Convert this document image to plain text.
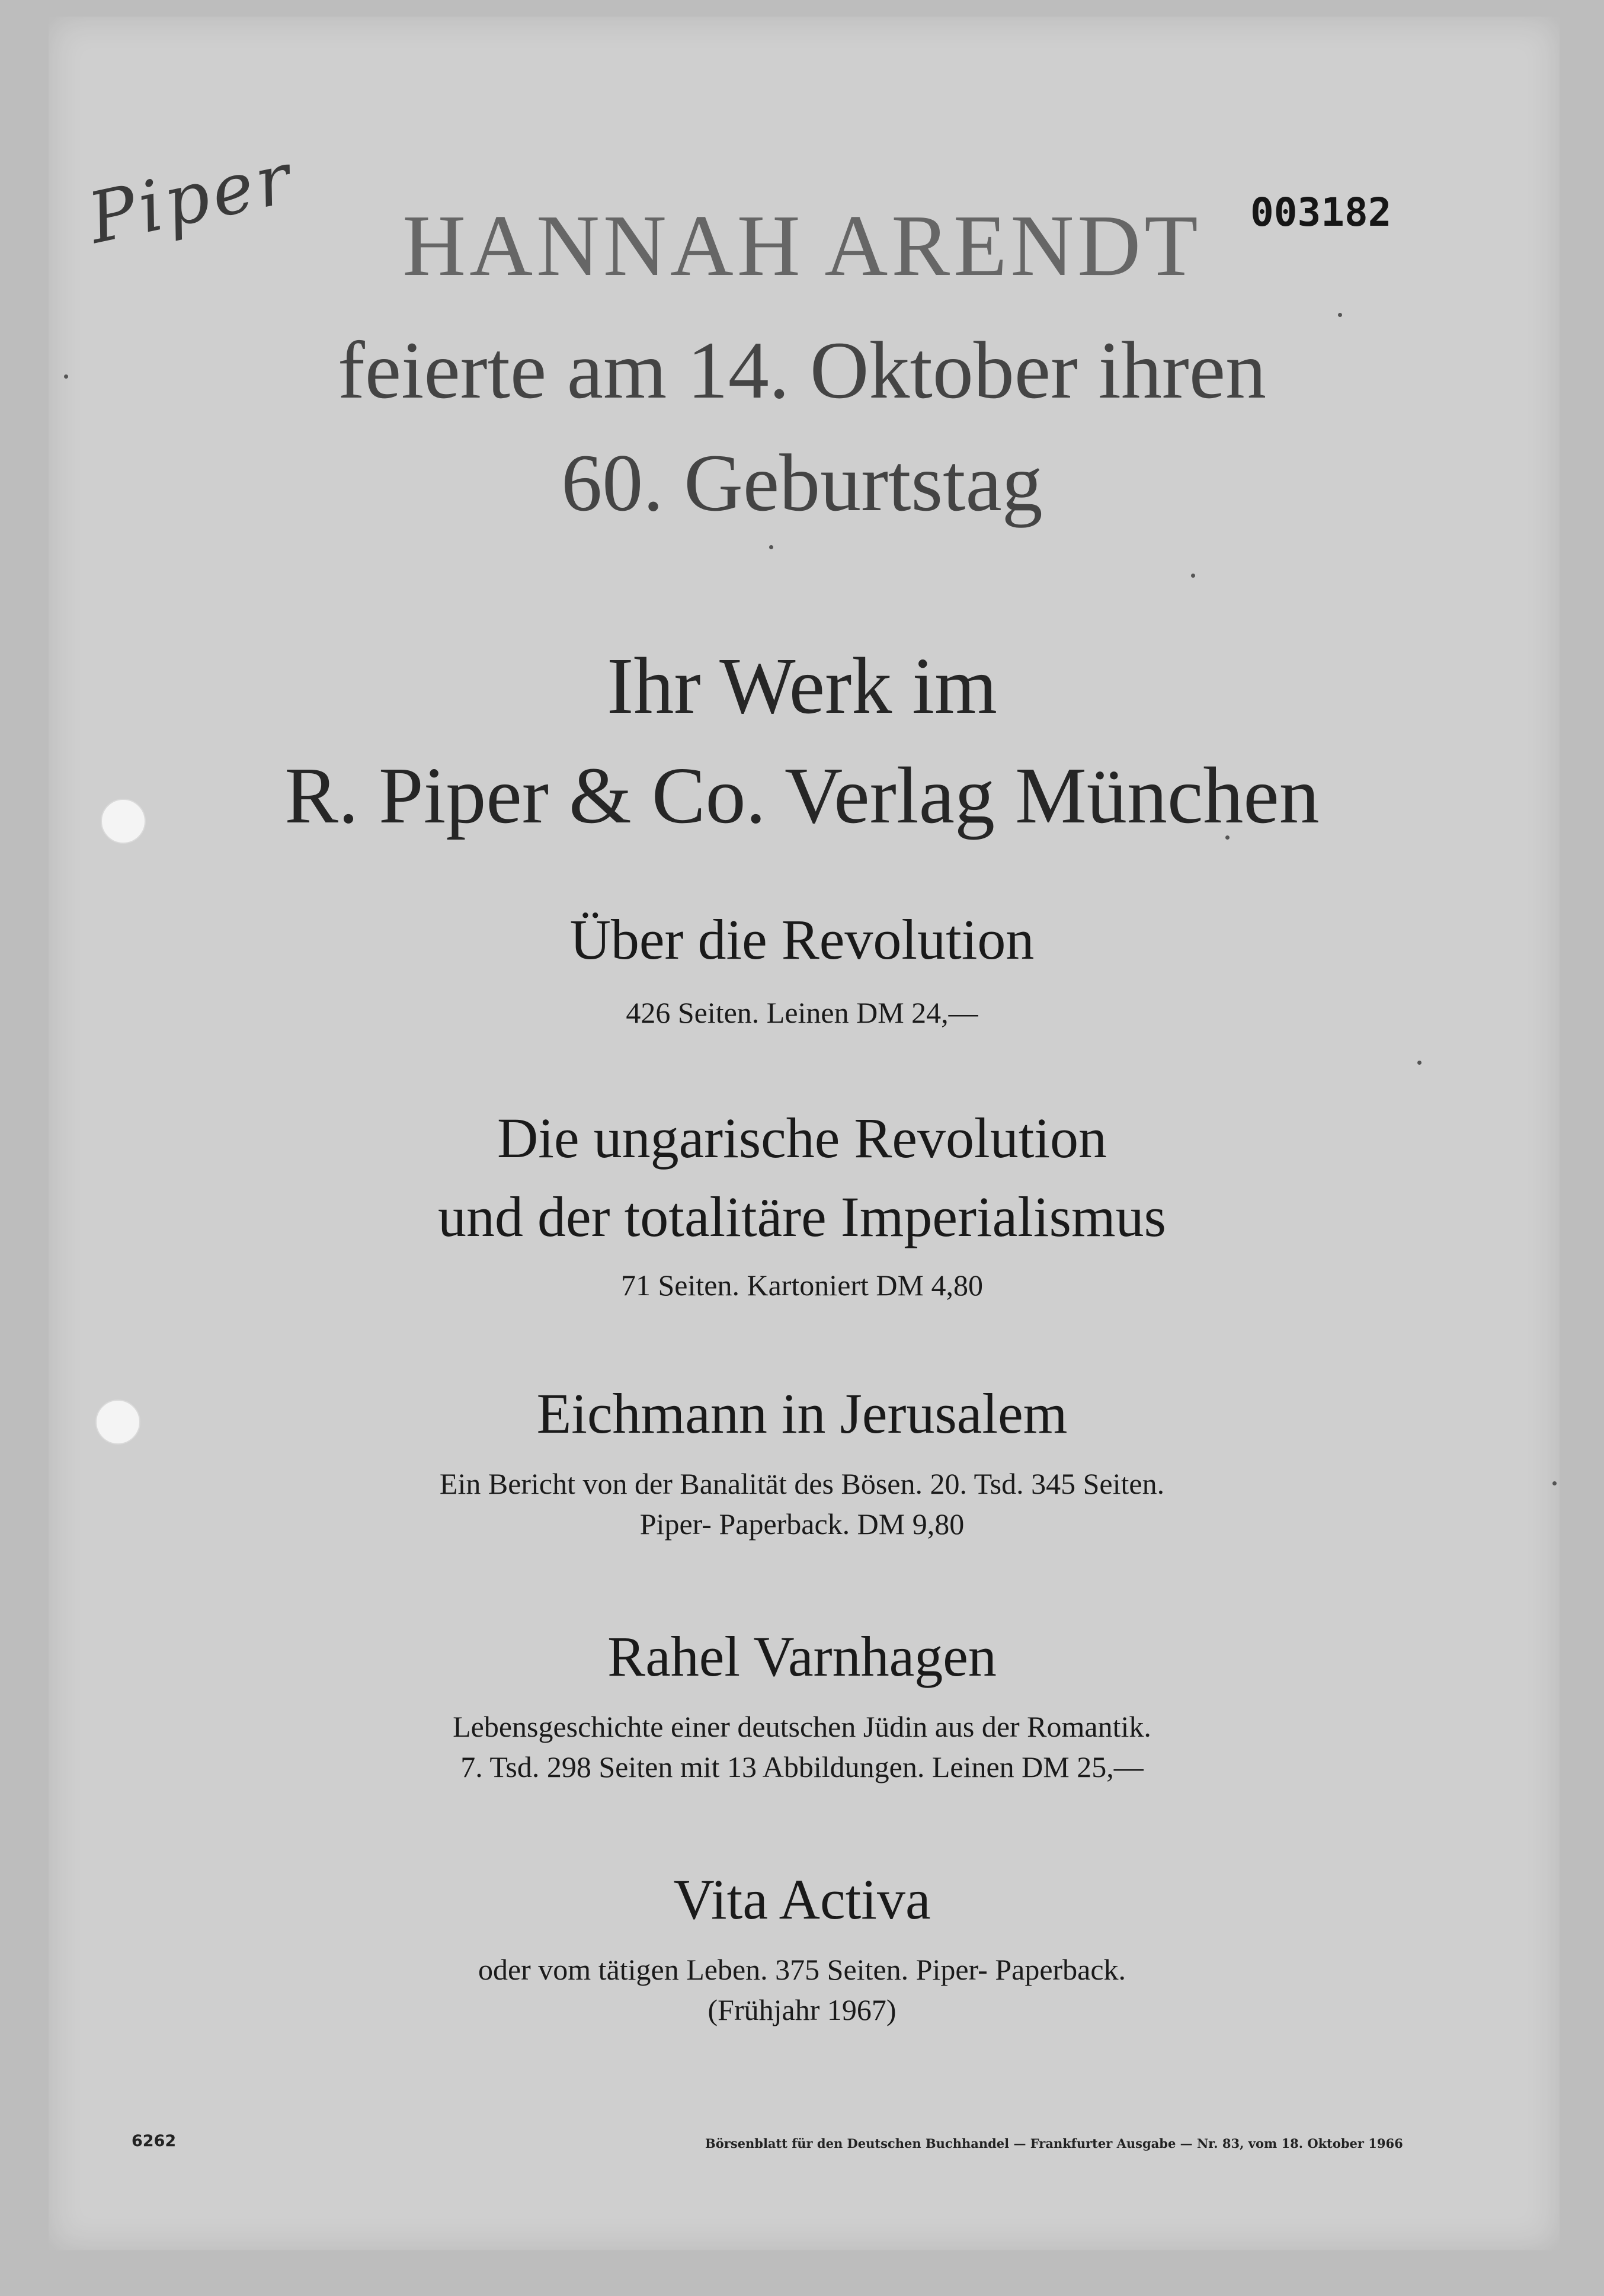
Piper	003182
HANNAH ARENDT
feierte am 14. Oktober ihren
60. Geburtstag
Ihr Werk im
R. Piper & Co. Verlag München
Über die Revolution
426 Seiten. Leinen DM 24,—
Die ungarische Revolution
und der totalitäre Imperialismus
71 Seiten. Kartoniert DM 4,80
Eichmann in Jerusalem
Ein Bericht von der Banalität des Bösen. 20. Tsd. 345 Seiten.
Piper- Paperback. DM 9,80
Rahel Varnhagen
Lebensgeschichte einer deutschen Jüdin aus der Romantik.
7. Tsd. 298 Seiten mit 13 Abbildungen. Leinen DM 25,—
Vita Activa
oder vom tätigen Leben. 375 Seiten. Piper- Paperback.
(Frühjahr 1967)
6262	Börsenblatt für den Deutschen Buchhandel — Frankfurter Ausgabe — Nr. 83, vom 18. Oktober 1966
